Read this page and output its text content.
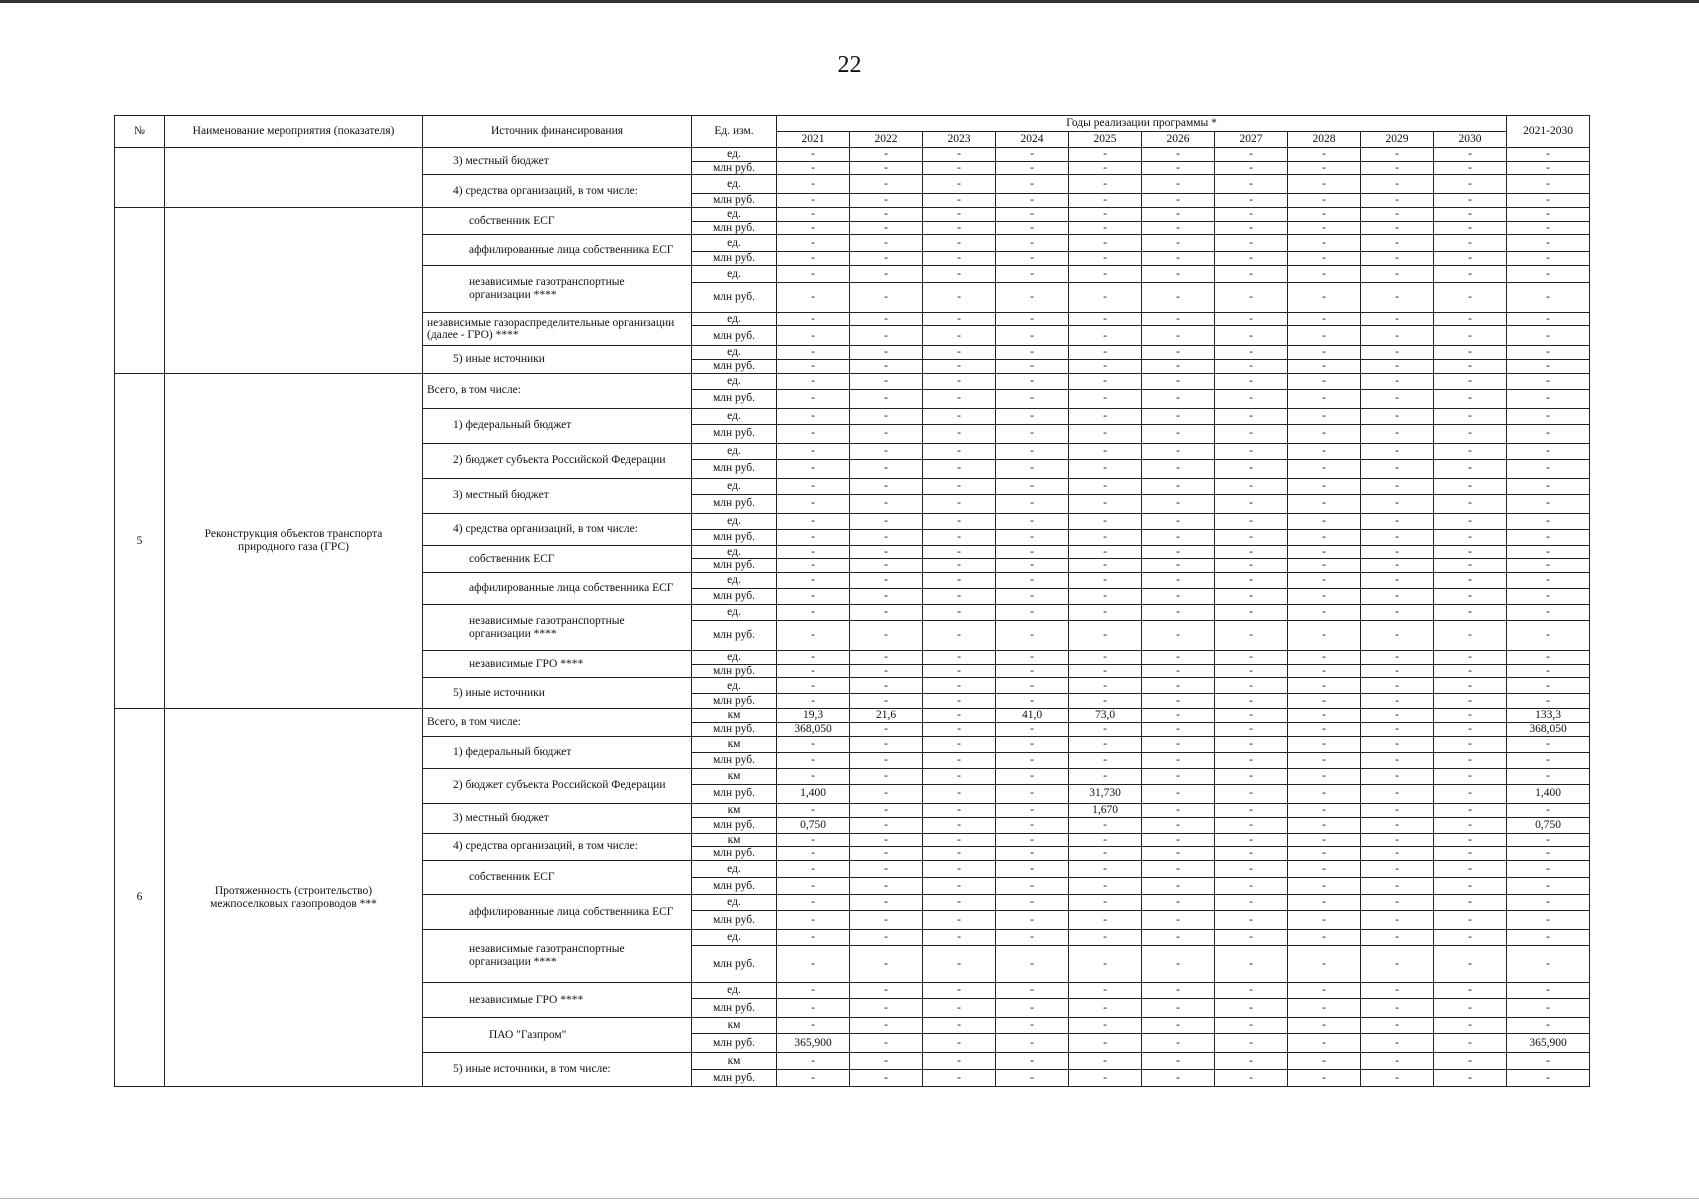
22
№	Наименование мероприятия (показателя)	Источник финансирования	Ед. изм.	Годы реализации программы *										2021-2030
				2021	2022	2023	2024	2025	2026	2027	2028	2029	2030	
		3) местный бюджет	ед.	-	-	-	-	-	-	-	-	-	-	-
			млн руб.	-	-	-	-	-	-	-	-	-	-	-
		4) средства организаций, в том числе:	ед.	-	-	-	-	-	-	-	-	-	-	-
			млн руб.	-	-	-	-	-	-	-	-	-	-	-
		собственник ЕСГ	ед.	-	-	-	-	-	-	-	-	-	-	-
			млн руб.	-	-	-	-	-	-	-	-	-	-	-
		аффилированные лица собственника ЕСГ	ед.	-	-	-	-	-	-	-	-	-	-	-
			млн руб.	-	-	-	-	-	-	-	-	-	-	-
		независимые газотранспортные организации ****	ед.	-	-	-	-	-	-	-	-	-	-	-
			млн руб.	-	-	-	-	-	-	-	-	-	-	-
		независимые газораспределительные организации (далее - ГРО) ****	ед.	-	-	-	-	-	-	-	-	-	-	-
			млн руб.	-	-	-	-	-	-	-	-	-	-	-
		5) иные источники	ед.	-	-	-	-	-	-	-	-	-	-	-
			млн руб.	-	-	-	-	-	-	-	-	-	-	-
5	Реконструкция объектов транспорта природного газа (ГРС)	Всего, в том числе:	ед.	-	-	-	-	-	-	-	-	-	-	-
			млн руб.	-	-	-	-	-	-	-	-	-	-	-
		1) федеральный бюджет	ед.	-	-	-	-	-	-	-	-	-	-	-
			млн руб.	-	-	-	-	-	-	-	-	-	-	-
		2) бюджет субъекта Российской Федерации	ед.	-	-	-	-	-	-	-	-	-	-	-
			млн руб.	-	-	-	-	-	-	-	-	-	-	-
		3) местный бюджет	ед.	-	-	-	-	-	-	-	-	-	-	-
			млн руб.	-	-	-	-	-	-	-	-	-	-	-
		4) средства организаций, в том числе:	ед.	-	-	-	-	-	-	-	-	-	-	-
			млн руб.	-	-	-	-	-	-	-	-	-	-	-
		собственник ЕСГ	ед.	-	-	-	-	-	-	-	-	-	-	-
			млн руб.	-	-	-	-	-	-	-	-	-	-	-
		аффилированные лица собственника ЕСГ	ед.	-	-	-	-	-	-	-	-	-	-	-
			млн руб.	-	-	-	-	-	-	-	-	-	-	-
		независимые газотранспортные организации ****	ед.	-	-	-	-	-	-	-	-	-	-	-
			млн руб.	-	-	-	-	-	-	-	-	-	-	-
		независимые ГРО ****	ед.	-	-	-	-	-	-	-	-	-	-	-
			млн руб.	-	-	-	-	-	-	-	-	-	-	-
		5) иные источники	ед.	-	-	-	-	-	-	-	-	-	-	-
			млн руб.	-	-	-	-	-	-	-	-	-	-	-
6	Протяженность (строительство) межпоселковых газопроводов ***	Всего, в том числе:	км	19,3	21,6	-	41,0	73,0	-	-	-	-	-	133,3
			млн руб.	368,050	-	-	-	-	-	-	-	-	-	368,050
		1) федеральный бюджет	км	-	-	-	-	-	-	-	-	-	-	-
			млн руб.	-	-	-	-	-	-	-	-	-	-	-
		2) бюджет субъекта Российской Федерации	км	-	-	-	-	-	-	-	-	-	-	-
			млн руб.	1,400	-	-	-	31,730	-	-	-	-	-	1,400
		3) местный бюджет	км	-	-	-	-	1,670	-	-	-	-	-	-
			млн руб.	0,750	-	-	-	-	-	-	-	-	-	0,750
		4) средства организаций, в том числе:	км	-	-	-	-	-	-	-	-	-	-	-
			млн руб.	-	-	-	-	-	-	-	-	-	-	-
		собственник ЕСГ	ед.	-	-	-	-	-	-	-	-	-	-	-
			млн руб.	-	-	-	-	-	-	-	-	-	-	-
		аффилированные лица собственника ЕСГ	ед.	-	-	-	-	-	-	-	-	-	-	-
			млн руб.	-	-	-	-	-	-	-	-	-	-	-
		независимые газотранспортные организации ****	ед.	-	-	-	-	-	-	-	-	-	-	-
			млн руб.	-	-	-	-	-	-	-	-	-	-	-
		независимые ГРО ****	ед.	-	-	-	-	-	-	-	-	-	-	-
			млн руб.	-	-	-	-	-	-	-	-	-	-	-
		ПАО "Газпром"	км	-	-	-	-	-	-	-	-	-	-	-
			млн руб.	365,900	-	-	-	-	-	-	-	-	-	365,900
		5) иные источники, в том числе:	км	-	-	-	-	-	-	-	-	-	-	-
			млн руб.	-	-	-	-	-	-	-	-	-	-	-
